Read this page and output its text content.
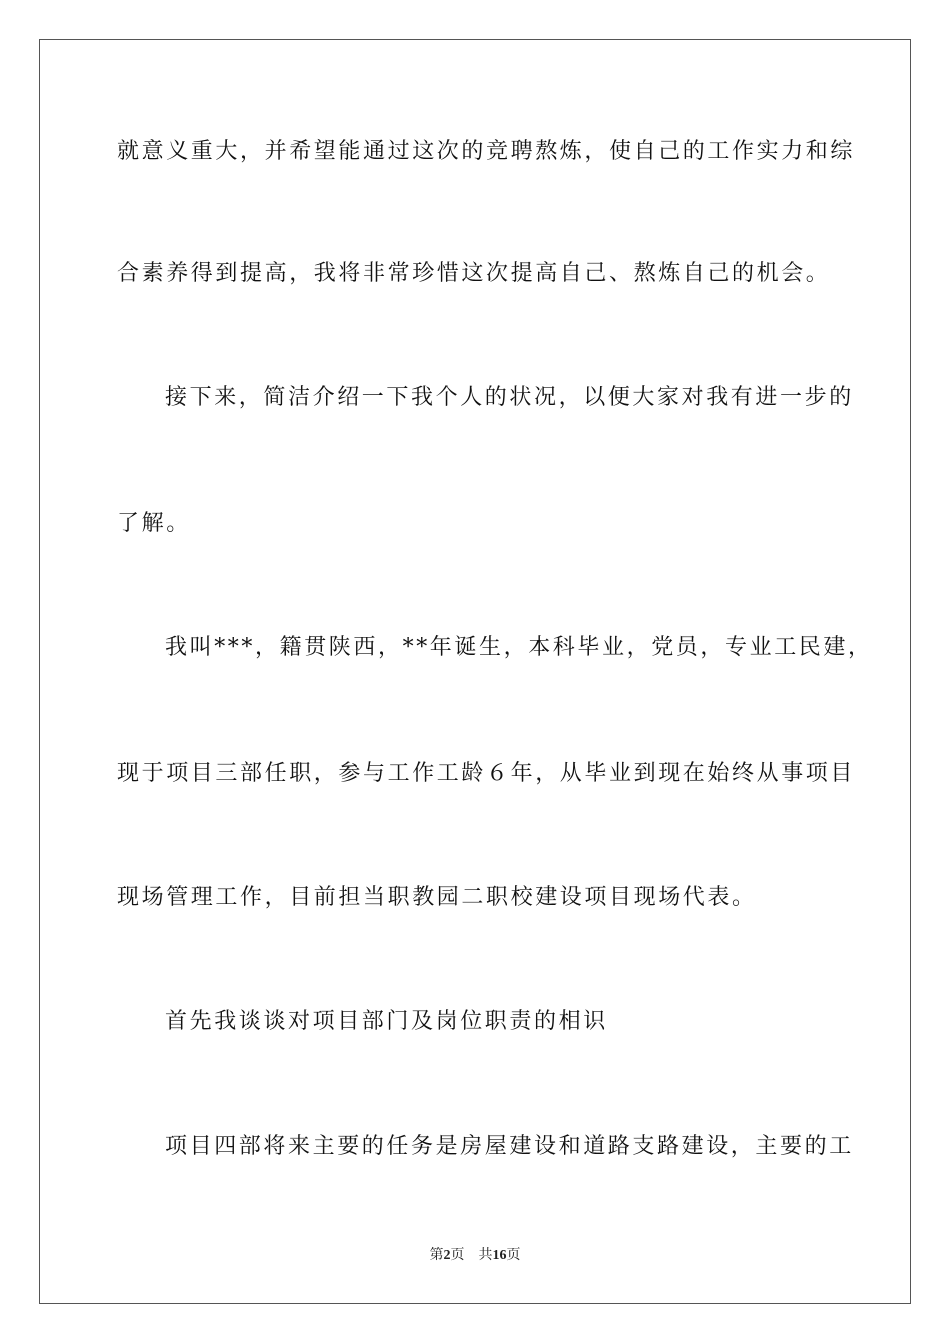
就意义重大，并希望能通过这次的竞聘熬炼，使自己的工作实力和综
合素养得到提高，我将非常珍惜这次提高自己、熬炼自己的机会。
接下来，简洁介绍一下我个人的状况，以便大家对我有进一步的
了解。
我叫***，籍贯陕西，**年诞生，本科毕业，党员，专业工民建，
现于项目三部任职，参与工作工龄６年，从毕业到现在始终从事项目
现场管理工作，目前担当职教园二职校建设项目现场代表。
首先我谈谈对项目部门及岗位职责的相识
项目四部将来主要的任务是房屋建设和道路支路建设，主要的工
第2页 共16页
